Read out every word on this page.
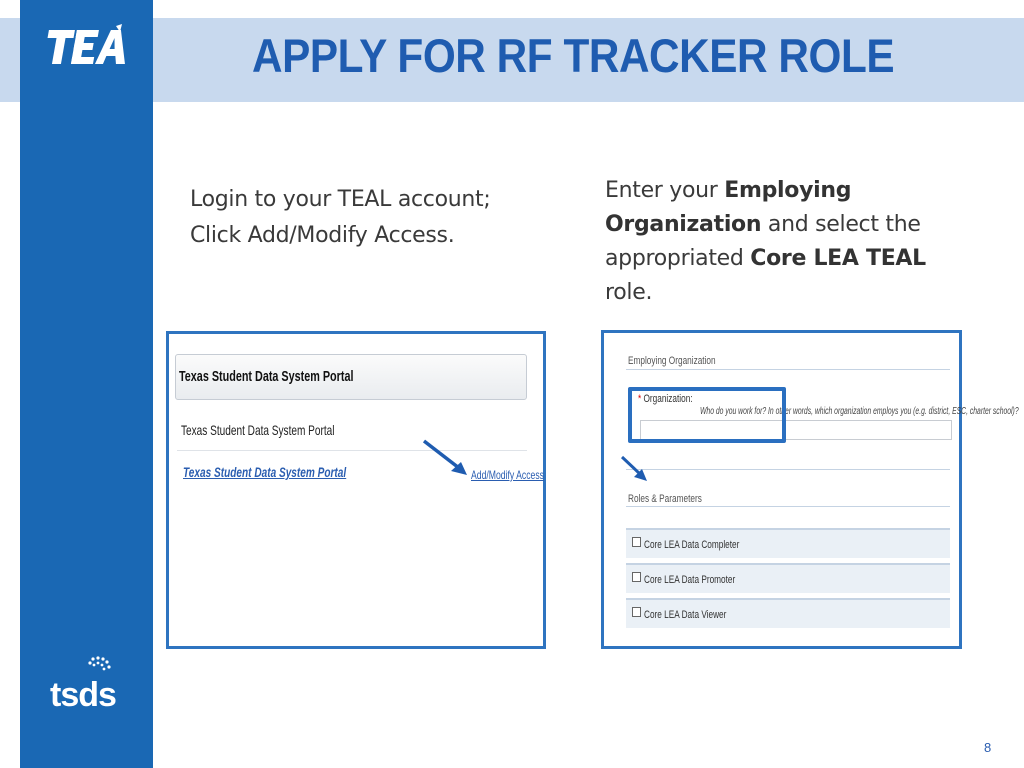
tsds
APPLY FOR RF TRACKER ROLE
Login to your TEAL account;
Click Add/Modify Access.
Enter your Employing Organization and select the appropriated Core LEA TEAL role.
Texas Student Data System Portal
Texas Student Data System Portal
Texas Student Data System Portal	Add/Modify Access
Employing Organization
* Organization:
Who do you work for? In other words, which organization employs you (e.g. district, ESC, charter school)?
Roles & Parameters
Core LEA Data Completer
Core LEA Data Promoter
Core LEA Data Viewer
8
